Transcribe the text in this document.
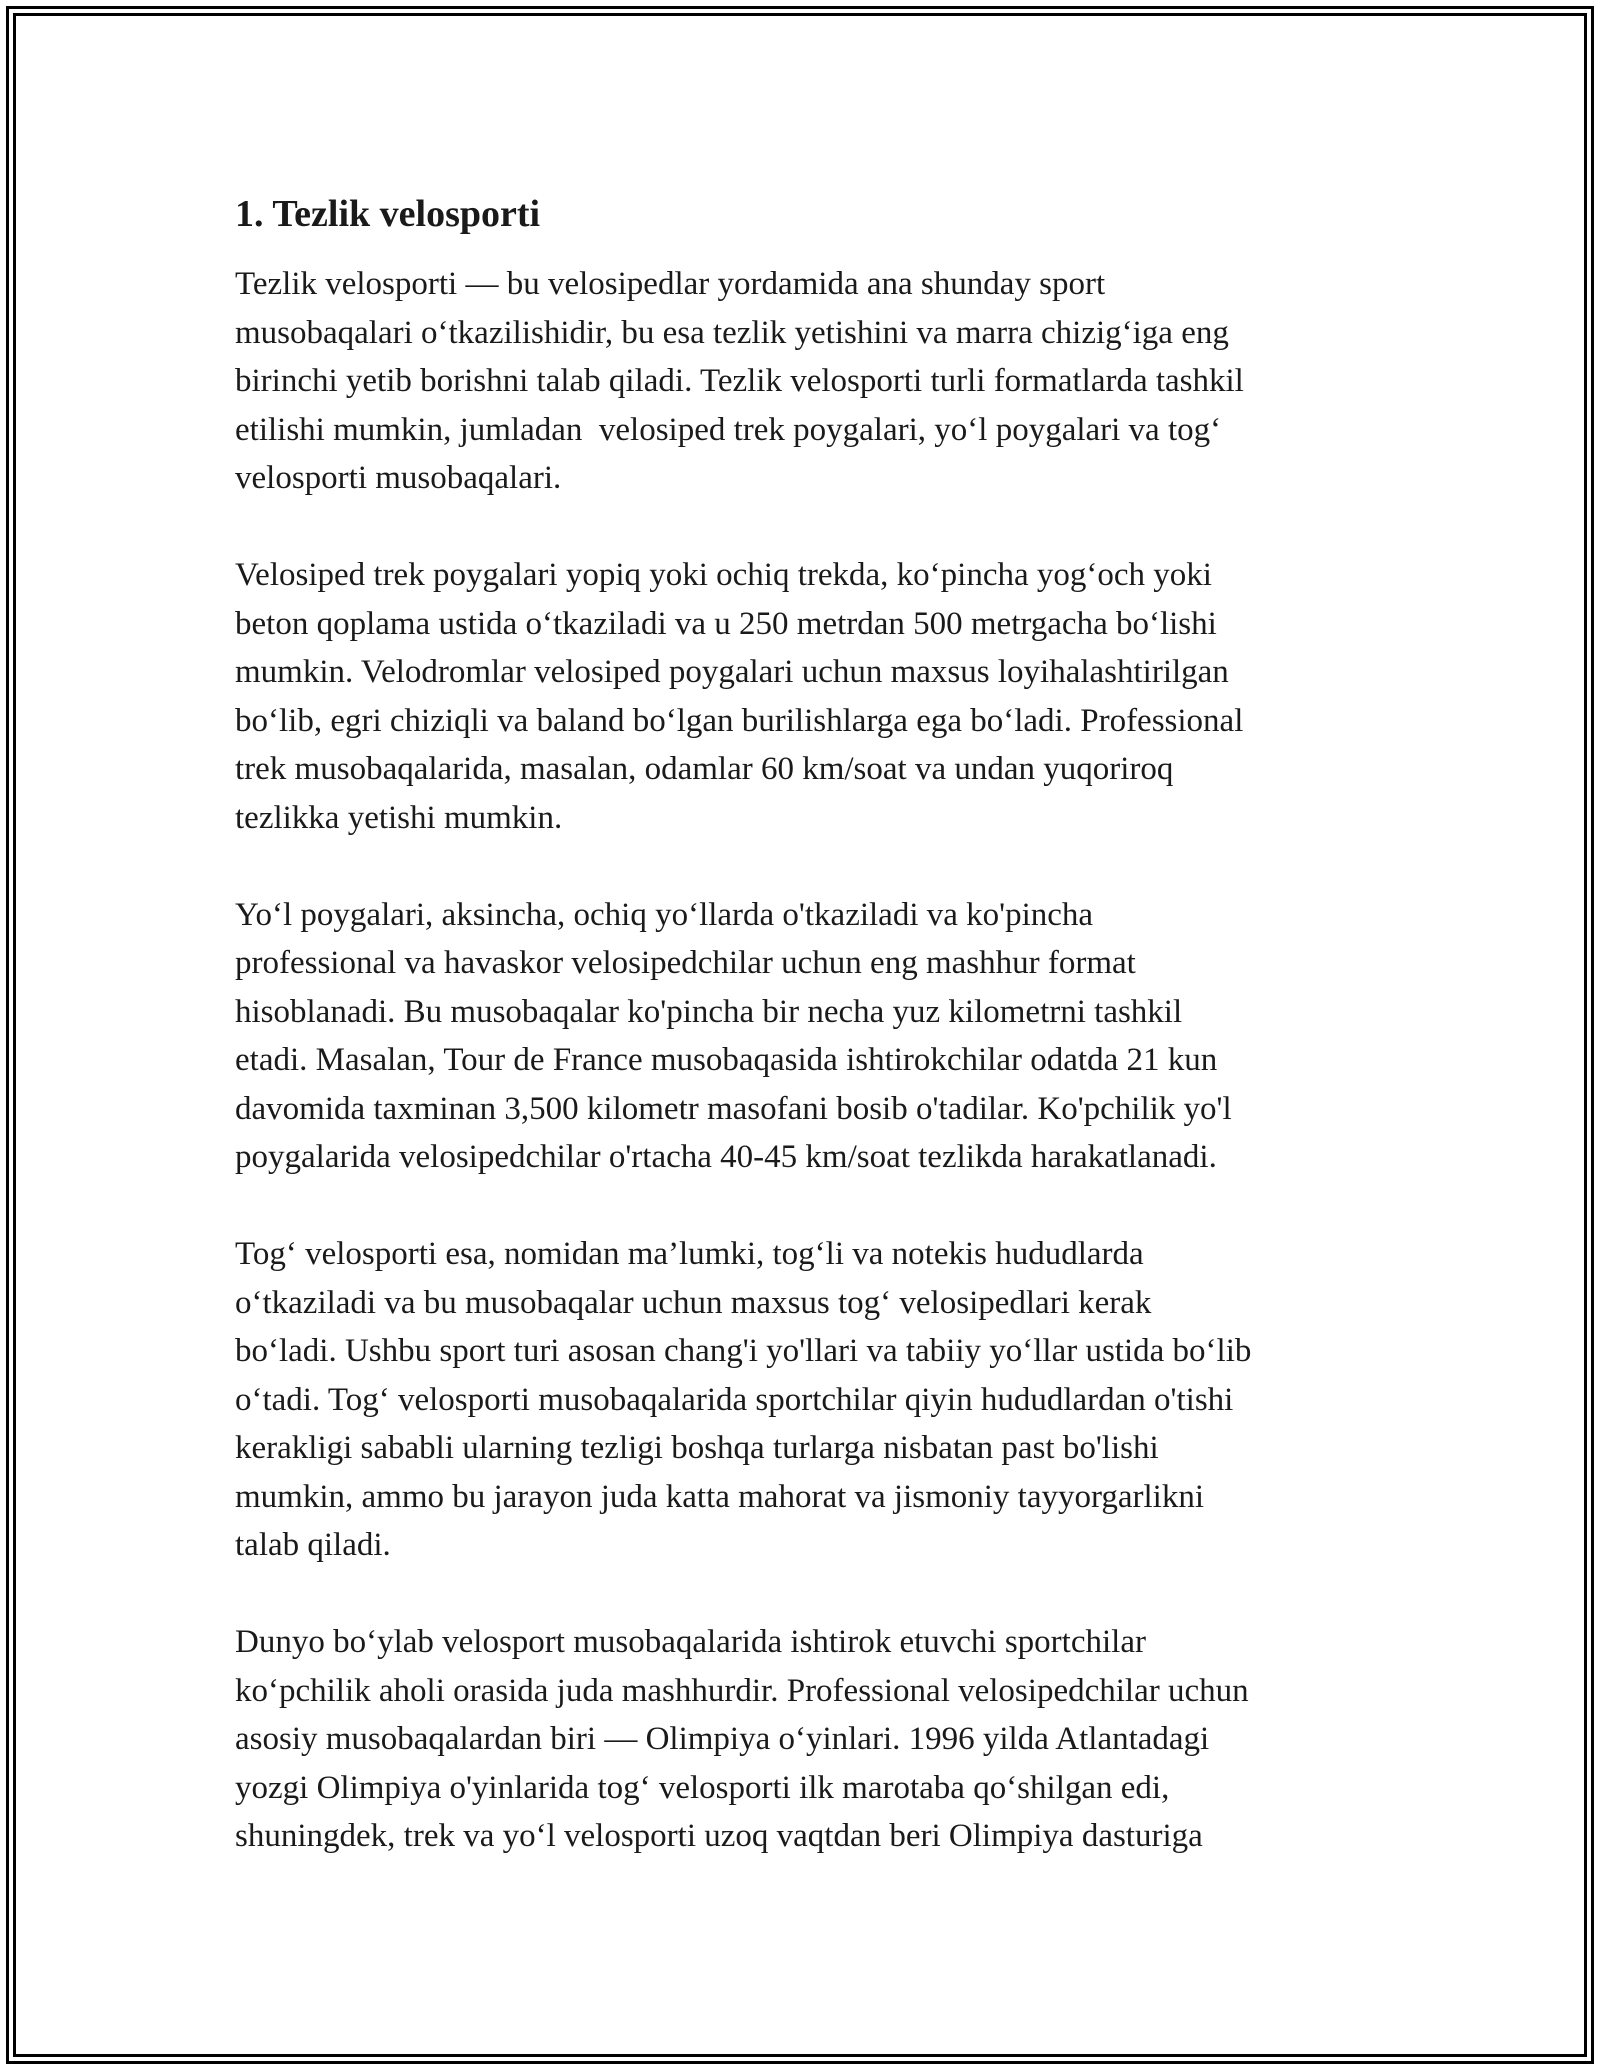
1. Tezlik velosporti

Tezlik velosporti — bu velosipedlar yordamida ana shunday sport
musobaqalari o‘tkazilishidir, bu esa tezlik yetishini va marra chizig‘iga eng
birinchi yetib borishni talab qiladi. Tezlik velosporti turli formatlarda tashkil
etilishi mumkin, jumladan  velosiped trek poygalari, yo‘l poygalari va tog‘
velosporti musobaqalari.

Velosiped trek poygalari yopiq yoki ochiq trekda, ko‘pincha yog‘och yoki
beton qoplama ustida o‘tkaziladi va u 250 metrdan 500 metrgacha bo‘lishi
mumkin. Velodromlar velosiped poygalari uchun maxsus loyihalashtirilgan
bo‘lib, egri chiziqli va baland bo‘lgan burilishlarga ega bo‘ladi. Professional
trek musobaqalarida, masalan, odamlar 60 km/soat va undan yuqoriroq
tezlikka yetishi mumkin.

Yo‘l poygalari, aksincha, ochiq yo‘llarda o'tkaziladi va ko'pincha
professional va havaskor velosipedchilar uchun eng mashhur format
hisoblanadi. Bu musobaqalar ko'pincha bir necha yuz kilometrni tashkil
etadi. Masalan, Tour de France musobaqasida ishtirokchilar odatda 21 kun
davomida taxminan 3,500 kilometr masofani bosib o'tadilar. Ko'pchilik yo'l
poygalarida velosipedchilar o'rtacha 40-45 km/soat tezlikda harakatlanadi.

Tog‘ velosporti esa, nomidan ma’lumki, tog‘li va notekis hududlarda
o‘tkaziladi va bu musobaqalar uchun maxsus tog‘ velosipedlari kerak
bo‘ladi. Ushbu sport turi asosan chang'i yo'llari va tabiiy yo‘llar ustida bo‘lib
o‘tadi. Tog‘ velosporti musobaqalarida sportchilar qiyin hududlardan o'tishi
kerakligi sababli ularning tezligi boshqa turlarga nisbatan past bo'lishi
mumkin, ammo bu jarayon juda katta mahorat va jismoniy tayyorgarlikni
talab qiladi.

Dunyo bo‘ylab velosport musobaqalarida ishtirok etuvchi sportchilar
ko‘pchilik aholi orasida juda mashhurdir. Professional velosipedchilar uchun
asosiy musobaqalardan biri — Olimpiya o‘yinlari. 1996 yilda Atlantadagi
yozgi Olimpiya o'yinlarida tog‘ velosporti ilk marotaba qo‘shilgan edi,
shuningdek, trek va yo‘l velosporti uzoq vaqtdan beri Olimpiya dasturiga
